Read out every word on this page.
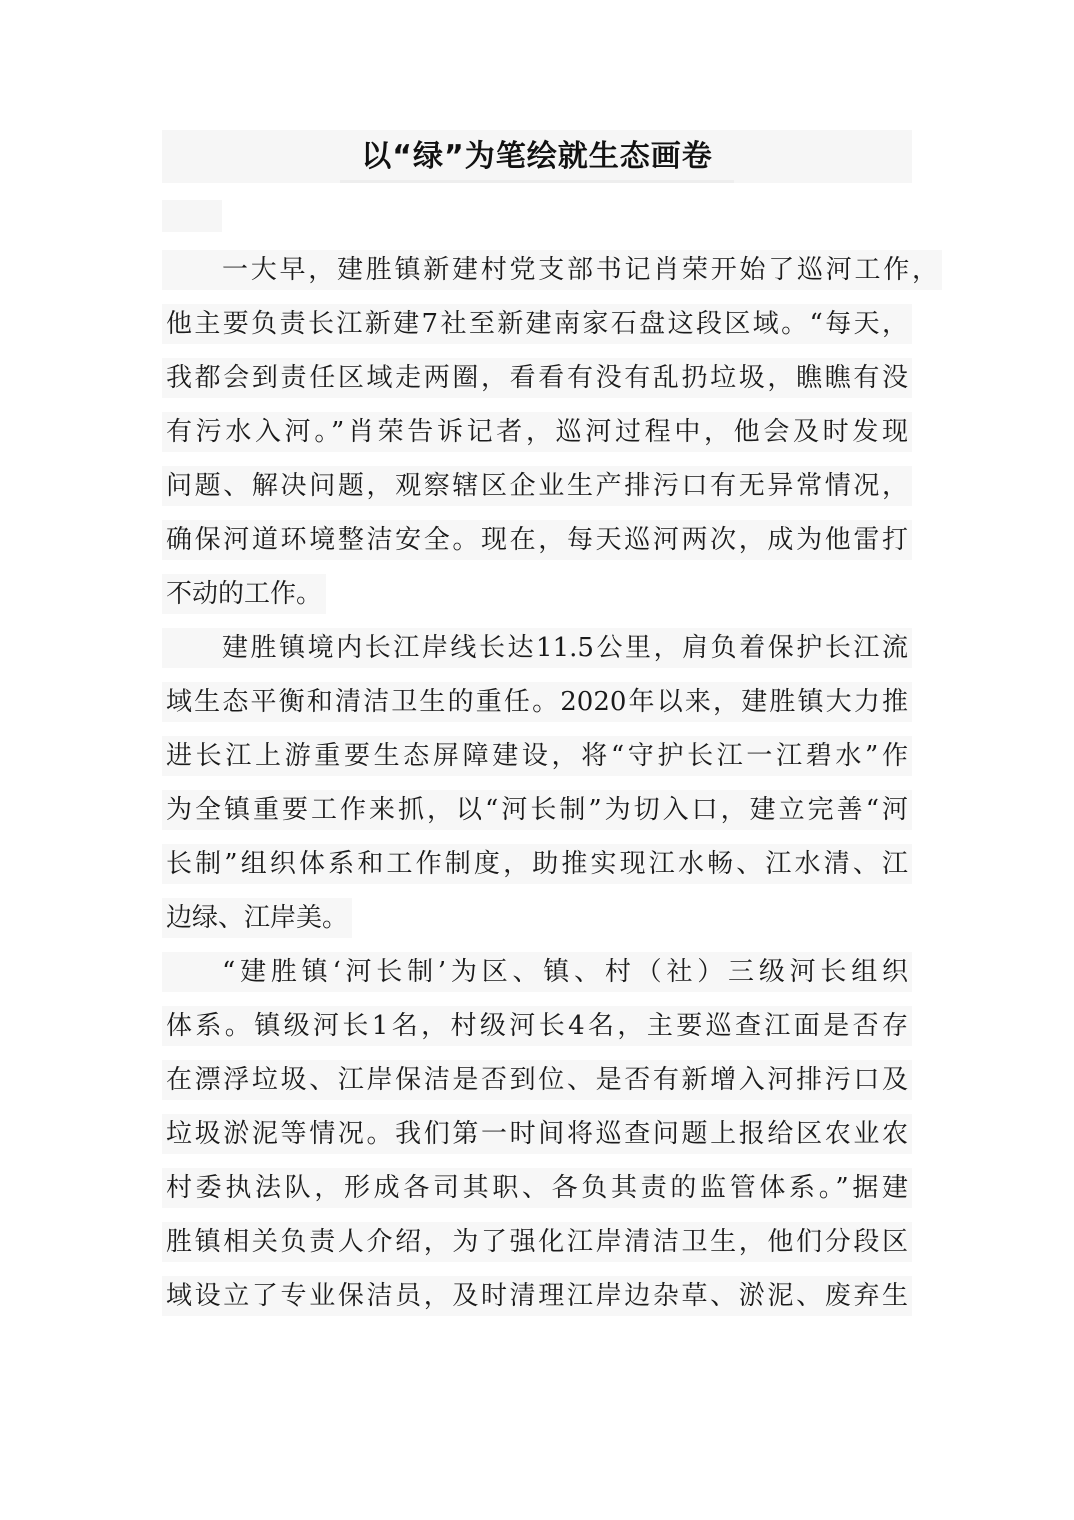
以“绿”为笔绘就生态画卷
一大早，建胜镇新建村党支部书记肖荣开始了巡河工作，
他主要负责长江新建7社至新建南家石盘这段区域。“每天，
我都会到责任区域走两圈，看看有没有乱扔垃圾，瞧瞧有没
有污水入河。”肖荣告诉记者，巡河过程中，他会及时发现
问题、解决问题，观察辖区企业生产排污口有无异常情况，
确保河道环境整洁安全。现在，每天巡河两次，成为他雷打
不动的工作。
建胜镇境内长江岸线长达11.5公里，肩负着保护长江流
域生态平衡和清洁卫生的重任。2020年以来，建胜镇大力推
进长江上游重要生态屏障建设，将“守护长江一江碧水”作
为全镇重要工作来抓，以“河长制”为切入口，建立完善“河
长制”组织体系和工作制度，助推实现江水畅、江水清、江
边绿、江岸美。
“建胜镇‘河长制’为区、镇、村（社）三级河长组织
体系。镇级河长1名，村级河长4名，主要巡查江面是否存
在漂浮垃圾、江岸保洁是否到位、是否有新增入河排污口及
垃圾淤泥等情况。我们第一时间将巡查问题上报给区农业农
村委执法队，形成各司其职、各负其责的监管体系。”据建
胜镇相关负责人介绍，为了强化江岸清洁卫生，他们分段区
域设立了专业保洁员，及时清理江岸边杂草、淤泥、废弃生
